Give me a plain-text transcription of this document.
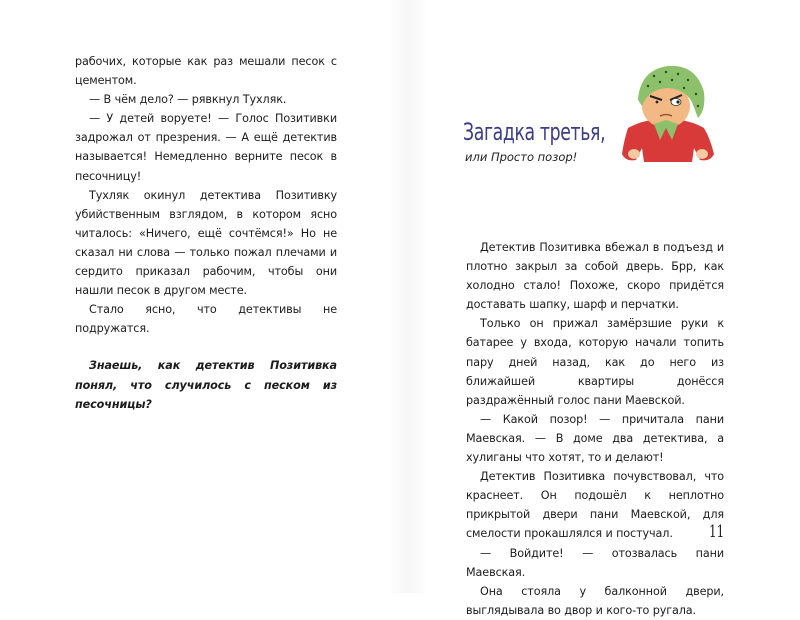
рабочих, которые как раз мешали песок с цементом.

— В чём дело? — рявкнул Тухляк.

— У детей воруете! — Голос Позитивки задрожал от презрения. — А ещё детектив называется! Немедленно верните песок в песочницу!

Тухляк окинул детектива Позитивку убийственным взглядом, в котором ясно читалось: «Ничего, ещё сочтёмся!» Но не сказал ни слова — только пожал плечами и сердито приказал рабочим, чтобы они нашли песок в другом месте.

Стало ясно, что детективы не подружатся.

Знаешь, как детектив Позитивка понял, что случилось с песком из песочницы?

Загадка третья,
или Просто позор!

Детектив Позитивка вбежал в подъезд и плотно закрыл за собой дверь. Брр, как холодно стало! Похоже, скоро придётся доставать шапку, шарф и перчатки.

Только он прижал замёрзшие руки к батарее у входа, которую начали топить пару дней назад, как до него из ближайшей квартиры донёсся раздражённый голос пани Маевской.

— Какой позор! — причитала пани Маевская. — В доме два детектива, а хулиганы что хотят, то и делают!

Детектив Позитивка почувствовал, что краснеет. Он подошёл к неплотно прикрытой двери пани Маевской, для смелости прокашлялся и постучал.

— Войдите! — отозвалась пани Маевская.

Она стояла у балконной двери, выглядывала во двор и кого-то ругала.

11
